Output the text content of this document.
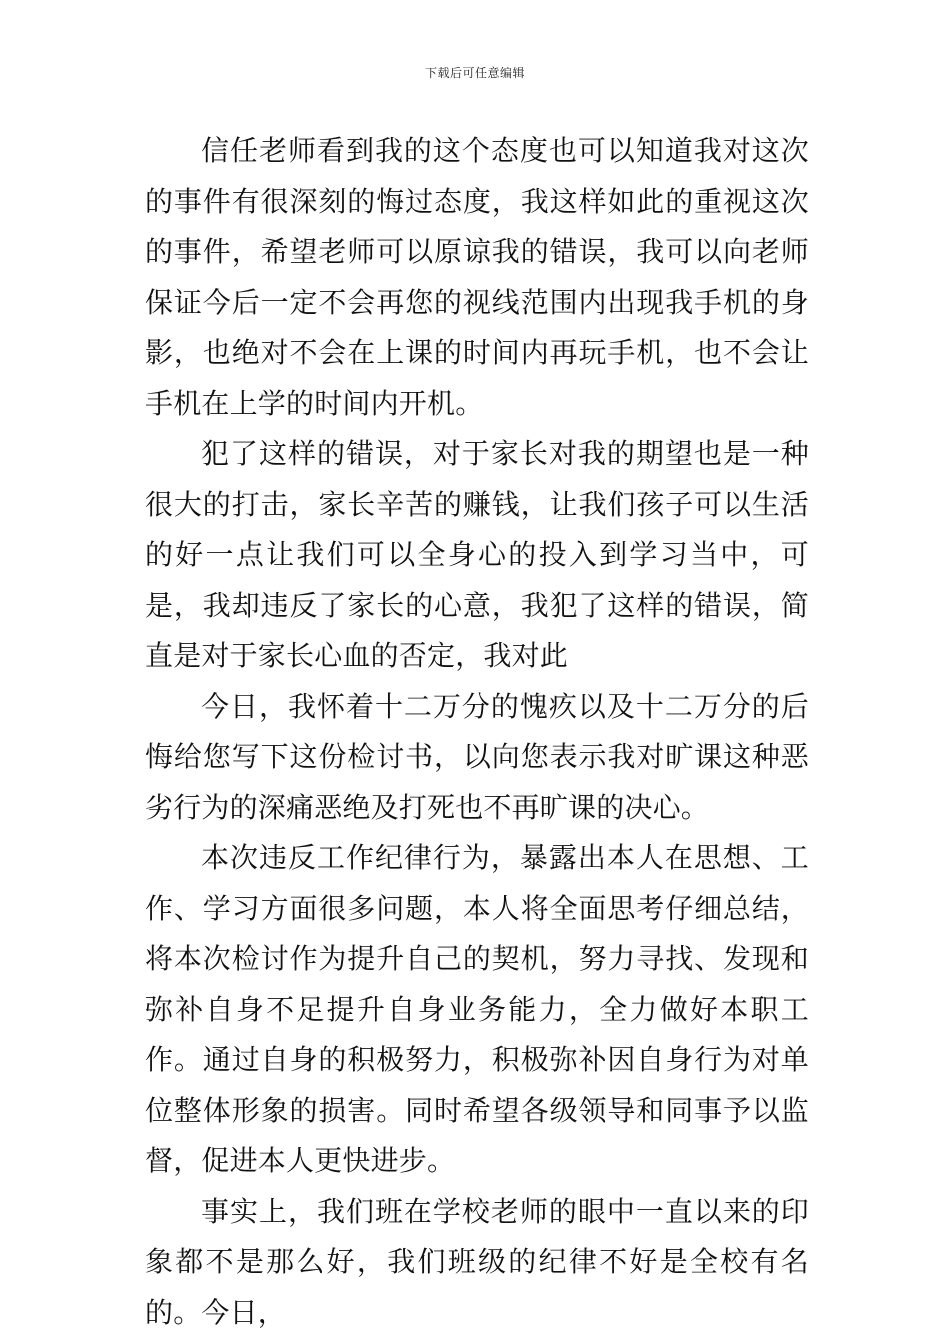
下载后可任意编辑

信任老师看到我的这个态度也可以知道我对这次的事件有很深刻的悔过态度，我这样如此的重视这次的事件，希望老师可以原谅我的错误，我可以向老师保证今后一定不会再您的视线范围内出现我手机的身影，也绝对不会在上课的时间内再玩手机，也不会让手机在上学的时间内开机。

犯了这样的错误，对于家长对我的期望也是一种很大的打击，家长辛苦的赚钱，让我们孩子可以生活的好一点让我们可以全身心的投入到学习当中，可是，我却违反了家长的心意，我犯了这样的错误，简直是对于家长心血的否定，我对此

今日，我怀着十二万分的愧疚以及十二万分的后悔给您写下这份检讨书，以向您表示我对旷课这种恶劣行为的深痛恶绝及打死也不再旷课的决心。

本次违反工作纪律行为，暴露出本人在思想、工作、学习方面很多问题，本人将全面思考仔细总结，将本次检讨作为提升自己的契机，努力寻找、发现和弥补自身不足提升自身业务能力，全力做好本职工作。通过自身的积极努力，积极弥补因自身行为对单位整体形象的损害。同时希望各级领导和同事予以监督，促进本人更快进步。

事实上，我们班在学校老师的眼中一直以来的印象都不是那么好，我们班级的纪律不好是全校有名的。今日，
